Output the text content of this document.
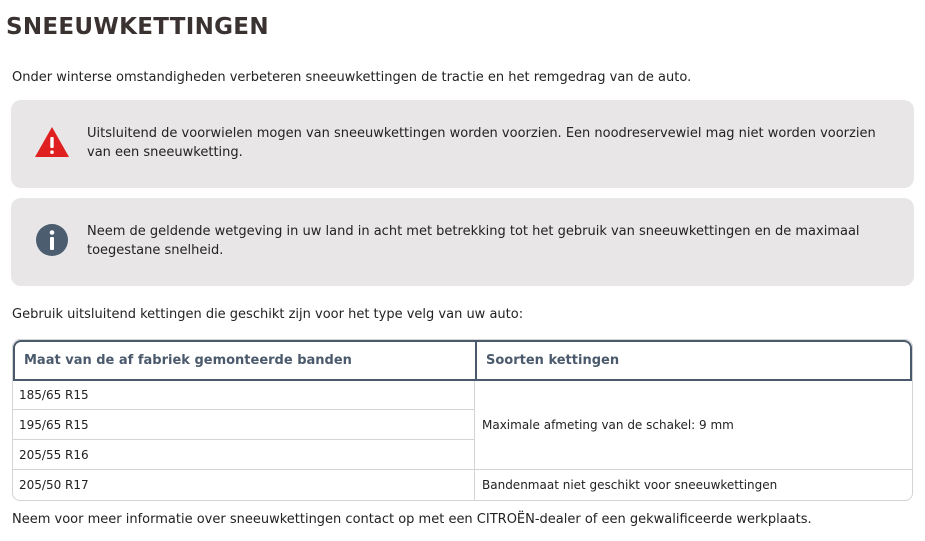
SNEEUWKETTINGEN

Onder winterse omstandigheden verbeteren sneeuwkettingen de tractie en het remgedrag van de auto.

Uitsluitend de voorwielen mogen van sneeuwkettingen worden voorzien. Een noodreservewiel mag niet worden voorzien van een sneeuwketting.
Neem de geldende wetgeving in uw land in acht met betrekking tot het gebruik van sneeuwkettingen en de maximaal toegestane snelheid.

Gebruik uitsluitend kettingen die geschikt zijn voor het type velg van uw auto:

Maat van de af fabriek gemonteerde banden	Soorten kettingen
185/65 R15
195/65 R15
205/55 R16
205/50 R17
Maximale afmeting van de schakel: 9 mm
Bandenmaat niet geschikt voor sneeuwkettingen

Neem voor meer informatie over sneeuwkettingen contact op met een CITROËN-dealer of een gekwalificeerde werkplaats.
